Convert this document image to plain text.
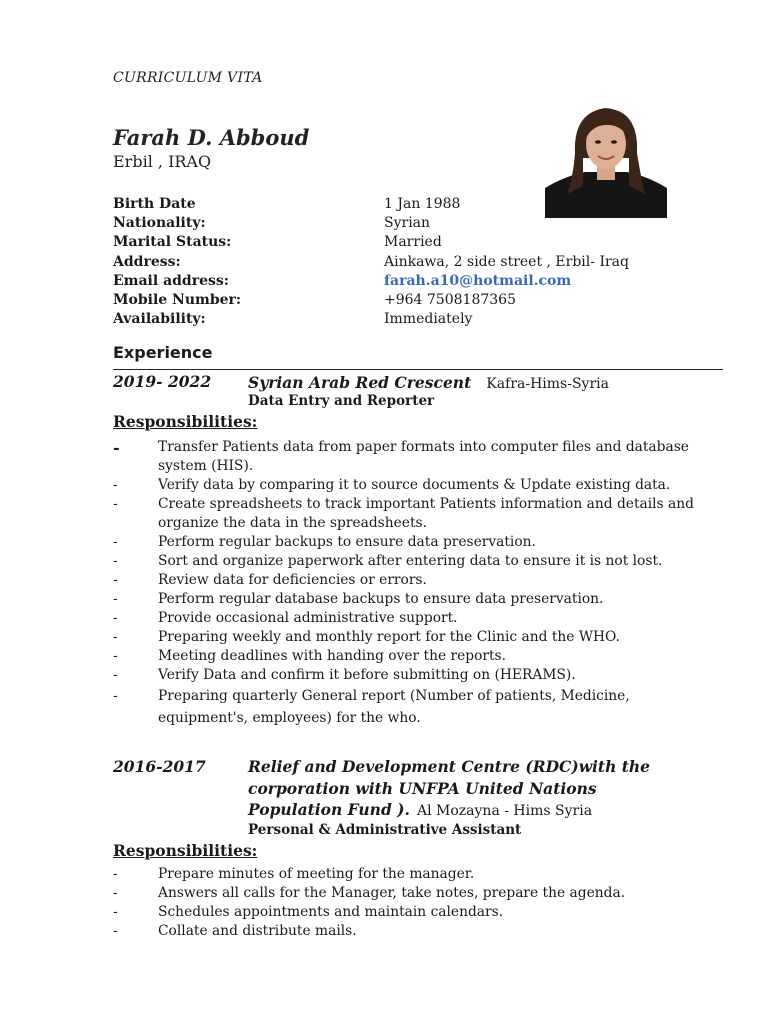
CURRICULUM VITA
Farah D. Abboud
Erbil , IRAQ
Birth Date	1 Jan 1988
Nationality:	Syrian
Marital Status:	Married
Address:	Ainkawa, 2 side street , Erbil- Iraq
Email address:	farah.a10@hotmail.com
Mobile Number:	+964 7508187365
Availability:	Immediately
Experience
2019- 2022 Syrian Arab Red Crescent Kafra-Hims-Syria
Data Entry and Reporter
Responsibilities:
-	Transfer Patients data from paper formats into computer files and database system (HIS).
-	Verify data by comparing it to source documents & Update existing data.
-	Create spreadsheets to track important Patients information and details and organize the data in the spreadsheets.
-	Perform regular backups to ensure data preservation.
-	Sort and organize paperwork after entering data to ensure it is not lost.
-	Review data for deficiencies or errors.
-	Perform regular database backups to ensure data preservation.
-	Provide occasional administrative support.
-	Preparing weekly and monthly report for the Clinic and the WHO.
-	Meeting deadlines with handing over the reports.
-	Verify Data and confirm it before submitting on (HERAMS).
-	Preparing quarterly General report (Number of patients, Medicine, equipment's, employees) for the who.
2016-2017	Relief and Development Centre (RDC)with the
corporation with UNFPA United Nations
Population Fund ). Al Mozayna - Hims Syria
Personal & Administrative Assistant
Responsibilities:
-	Prepare minutes of meeting for the manager.
-	Answers all calls for the Manager, take notes, prepare the agenda.
-	Schedules appointments and maintain calendars.
-	Collate and distribute mails.
